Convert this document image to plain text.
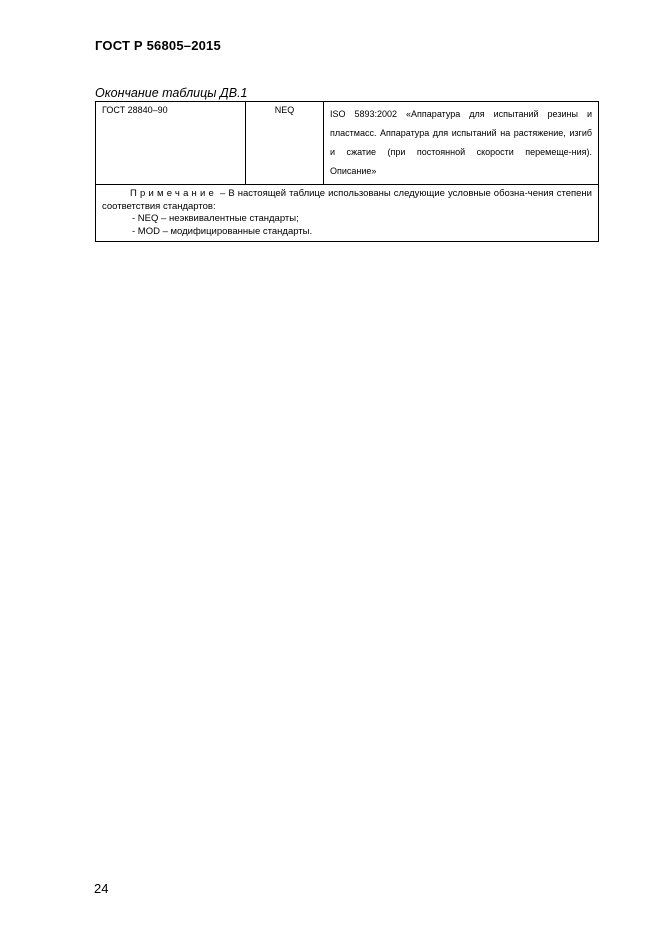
ГОСТ Р 56805–2015
Окончание таблицы ДВ.1
ГОСТ 28840–90	NEQ	ISO 5893:2002 «Аппаратура для испытаний резины и пластмасс. Аппаратура для испытаний на растяжение, изгиб и сжатие (при постоянной скорости перемеще-ния). Описание»

Примечание – В настоящей таблице использованы следующие условные обозна-чения степени соответствия стандартов:
- NEQ – неэквивалентные стандарты;
- MOD – модифицированные стандарты.
24
